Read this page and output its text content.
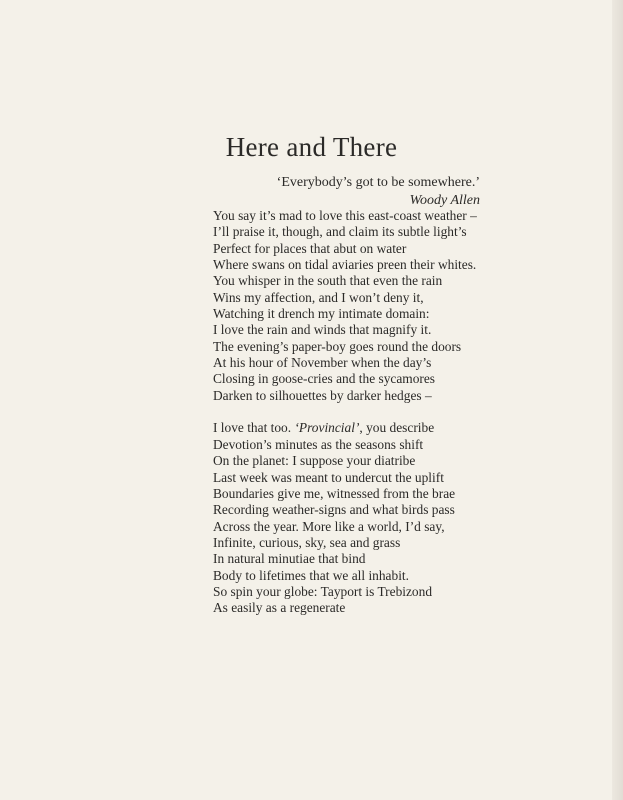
Here and There
‘Everybody’s got to be somewhere.’
Woody Allen
You say it’s mad to love this east-coast weather –
I’ll praise it, though, and claim its subtle light’s
Perfect for places that abut on water
Where swans on tidal aviaries preen their whites.
You whisper in the south that even the rain
Wins my affection, and I won’t deny it,
Watching it drench my intimate domain:
I love the rain and winds that magnify it.
The evening’s paper-boy goes round the doors
At his hour of November when the day’s
Closing in goose-cries and the sycamores
Darken to silhouettes by darker hedges –
I love that too. ‘Provincial’, you describe
Devotion’s minutes as the seasons shift
On the planet: I suppose your diatribe
Last week was meant to undercut the uplift
Boundaries give me, witnessed from the brae
Recording weather-signs and what birds pass
Across the year. More like a world, I’d say,
Infinite, curious, sky, sea and grass
In natural minutiae that bind
Body to lifetimes that we all inhabit.
So spin your globe: Tayport is Trebizond
As easily as a regenerate
